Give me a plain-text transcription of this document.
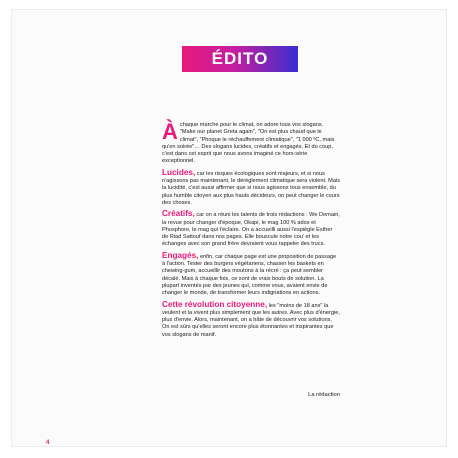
ÉDITO

À chaque marche pour le climat, on adore tous vos slogans. "Make our planet Greta again", "On est plus chaud que le climat", "Phoque le réchauffement climatique", "1 000 ºC, mais qu'en soirée"… Des slogans lucides, créatifs et engagés. Et du coup, c'est dans cet esprit que nous avons imaginé ce hors-série exceptionnel.

Lucides, car les risques écologiques sont majeurs, et si nous n'agissons pas maintenant, le dérèglement climatique sera violent. Mais la lucidité, c'est aussi affirmer que si nous agissons tous ensemble, du plus humble citoyen aux plus hauts décideurs, on peut changer le cours des choses.

Créatifs, car on a réuni les talents de trois rédactions : We Demain, la revue pour changer d'époque, Okapi, le mag 100 % ados et Phosphore, le mag qui t'éclaire. On a accueilli aussi l'espiègle Esther de Riad Sattouf dans nos pages. Elle bouscule notre cou' et les échanges avec son grand frère devraient vous rappeler des trucs.

Engagés, enfin, car chaque page est une proposition de passage à l'action. Tester des burgers végétariens, chasser les baskets en chewing-gum, accueillir des moutons à la récré : ça peut sembler décalé. Mais à chaque fois, ce sont de vrais bouts de solution. La plupart inventés par des jeunes qui, comme vous, avaient envie de changer le monde, de transformer leurs indignations en actions.

Cette révolution citoyenne, les "moins de 18 ans" la veulent et la vivent plus simplement que les autres. Avec plus d'énergie, plus d'envie. Alors, maintenant, on a hâte de découvrir vos solutions. On est sûrs qu'elles seront encore plus étonnantes et inspirantes que vos slogans de manif.

La rédaction
4
